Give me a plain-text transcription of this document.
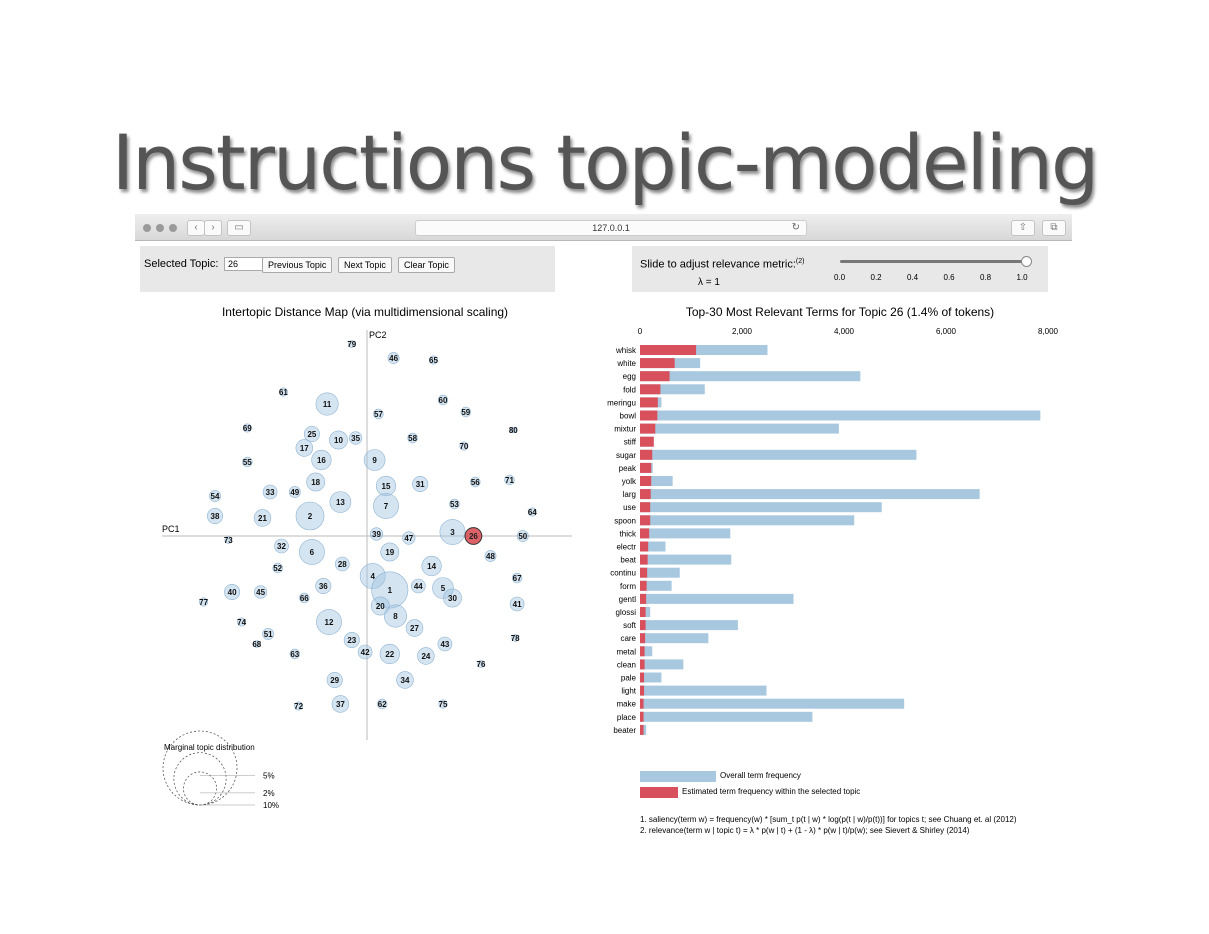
Instructions topic-modeling
‹	›	▭	127.0.0.1	↻	⇧	⧉
Selected Topic:	26	Previous Topic	Next Topic	Clear Topic	Slide to adjust relevance metric:$^{(2)}$
λ = 1	0.0	0.2	0.4	0.6	0.8	1.0
Intertopic Distance Map (via multidimensional scaling)	Top-30 Most Relevant Terms for Topic 26 (1.4% of tokens)
PC1
PC2
79
46	65
61
11
57
60
59
69
25
10 35	58
80
17	70
55	16	9
56	71
18	15	31
54	33 49
13	53
7
64
38	21	2
3 26	50
73
39	47
32
6	19	48
52	28	14
4
1	44 5
67
36
40 45
66	30
77	20	41
8
12
74
27
51
23	78
68	43
42 22	24
63
76
29	34
72	37	62	75
Marginal topic distribution
2%
5%
10%
0	2,000	4,000	6,000	8,000
whisk
white
egg
fold
meringu
bowl
mixtur
stiff
sugar
peak
yolk
larg
use
spoon
thick
electr
beat
continu
form
gentl
glossi
soft
care
metal
clean
pale
light
make
place
beater
Overall term frequency
Estimated term frequency within the selected topic
1. saliency(term w) = frequency(w) * [sum_t p(t | w) * log(p(t | w)/p(t))] for topics t; see Chuang et. al (2012)
2. relevance(term w | topic t) = λ * p(w | t) + (1 - λ) * p(w | t)/p(w); see Sievert & Shirley (2014)
